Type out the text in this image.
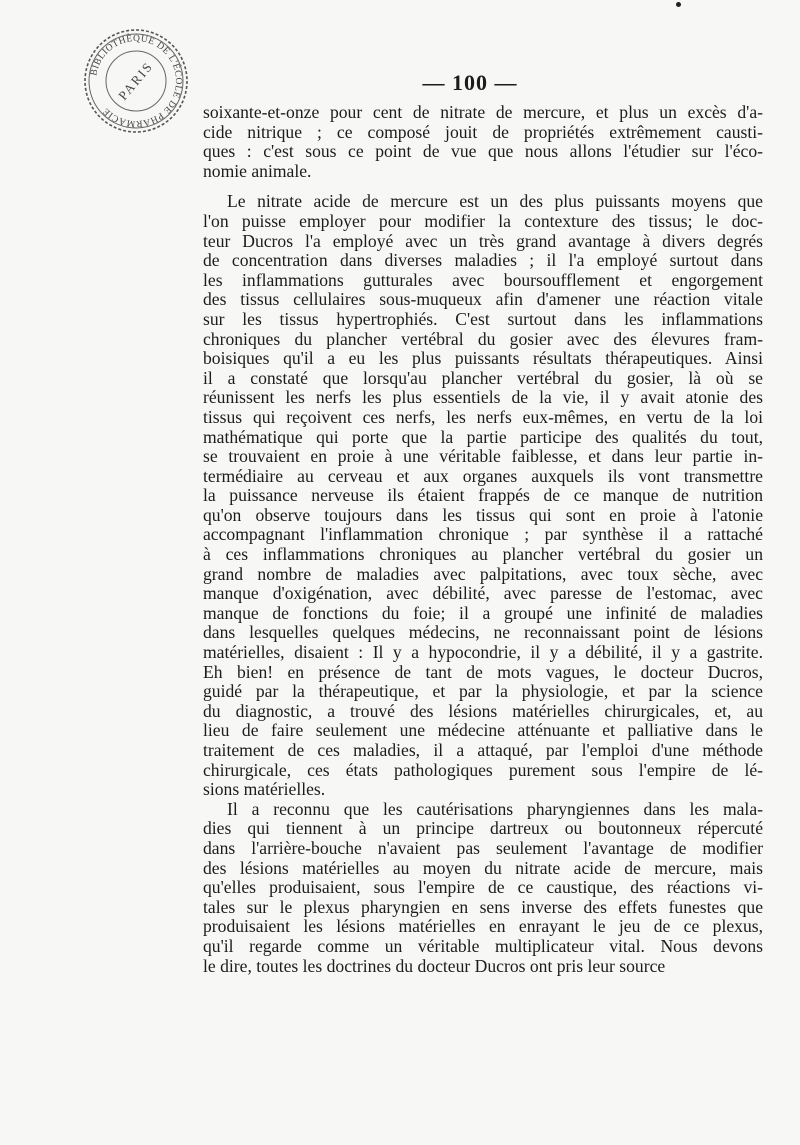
BIBLIOTHÈQUE DE L'ÉCOLE DE PHARMACIE
PARIS	— 100 —
soixante-et-onze pour cent de nitrate de mercure, et plus un excès d'a-
cide nitrique ; ce composé jouit de propriétés extrêmement causti-
ques : c'est sous ce point de vue que nous allons l'étudier sur l'éco-
nomie animale.
Le nitrate acide de mercure est un des plus puissants moyens que
l'on puisse employer pour modifier la contexture des tissus; le doc-
teur Ducros l'a employé avec un très grand avantage à divers degrés
de concentration dans diverses maladies ; il l'a employé surtout dans
les inflammations gutturales avec boursoufflement et engorgement
des tissus cellulaires sous-muqueux afin d'amener une réaction vitale
sur les tissus hypertrophiés. C'est surtout dans les inflammations
chroniques du plancher vertébral du gosier avec des élevures fram-
boisiques qu'il a eu les plus puissants résultats thérapeutiques. Ainsi
il a constaté que lorsqu'au plancher vertébral du gosier, là où se
réunissent les nerfs les plus essentiels de la vie, il y avait atonie des
tissus qui reçoivent ces nerfs, les nerfs eux-mêmes, en vertu de la loi
mathématique qui porte que la partie participe des qualités du tout,
se trouvaient en proie à une véritable faiblesse, et dans leur partie in-
termédiaire au cerveau et aux organes auxquels ils vont transmettre
la puissance nerveuse ils étaient frappés de ce manque de nutrition
qu'on observe toujours dans les tissus qui sont en proie à l'atonie
accompagnant l'inflammation chronique ; par synthèse il a rattaché
à ces inflammations chroniques au plancher vertébral du gosier un
grand nombre de maladies avec palpitations, avec toux sèche, avec
manque d'oxigénation, avec débilité, avec paresse de l'estomac, avec
manque de fonctions du foie; il a groupé une infinité de maladies
dans lesquelles quelques médecins, ne reconnaissant point de lésions
matérielles, disaient : Il y a hypocondrie, il y a débilité, il y a gastrite.
Eh bien! en présence de tant de mots vagues, le docteur Ducros,
guidé par la thérapeutique, et par la physiologie, et par la science
du diagnostic, a trouvé des lésions matérielles chirurgicales, et, au
lieu de faire seulement une médecine atténuante et palliative dans le
traitement de ces maladies, il a attaqué, par l'emploi d'une méthode
chirurgicale, ces états pathologiques purement sous l'empire de lé-
sions matérielles.
Il a reconnu que les cautérisations pharyngiennes dans les mala-
dies qui tiennent à un principe dartreux ou boutonneux répercuté
dans l'arrière-bouche n'avaient pas seulement l'avantage de modifier
des lésions matérielles au moyen du nitrate acide de mercure, mais
qu'elles produisaient, sous l'empire de ce caustique, des réactions vi-
tales sur le plexus pharyngien en sens inverse des effets funestes que
produisaient les lésions matérielles en enrayant le jeu de ce plexus,
qu'il regarde comme un véritable multiplicateur vital. Nous devons
le dire, toutes les doctrines du docteur Ducros ont pris leur source
